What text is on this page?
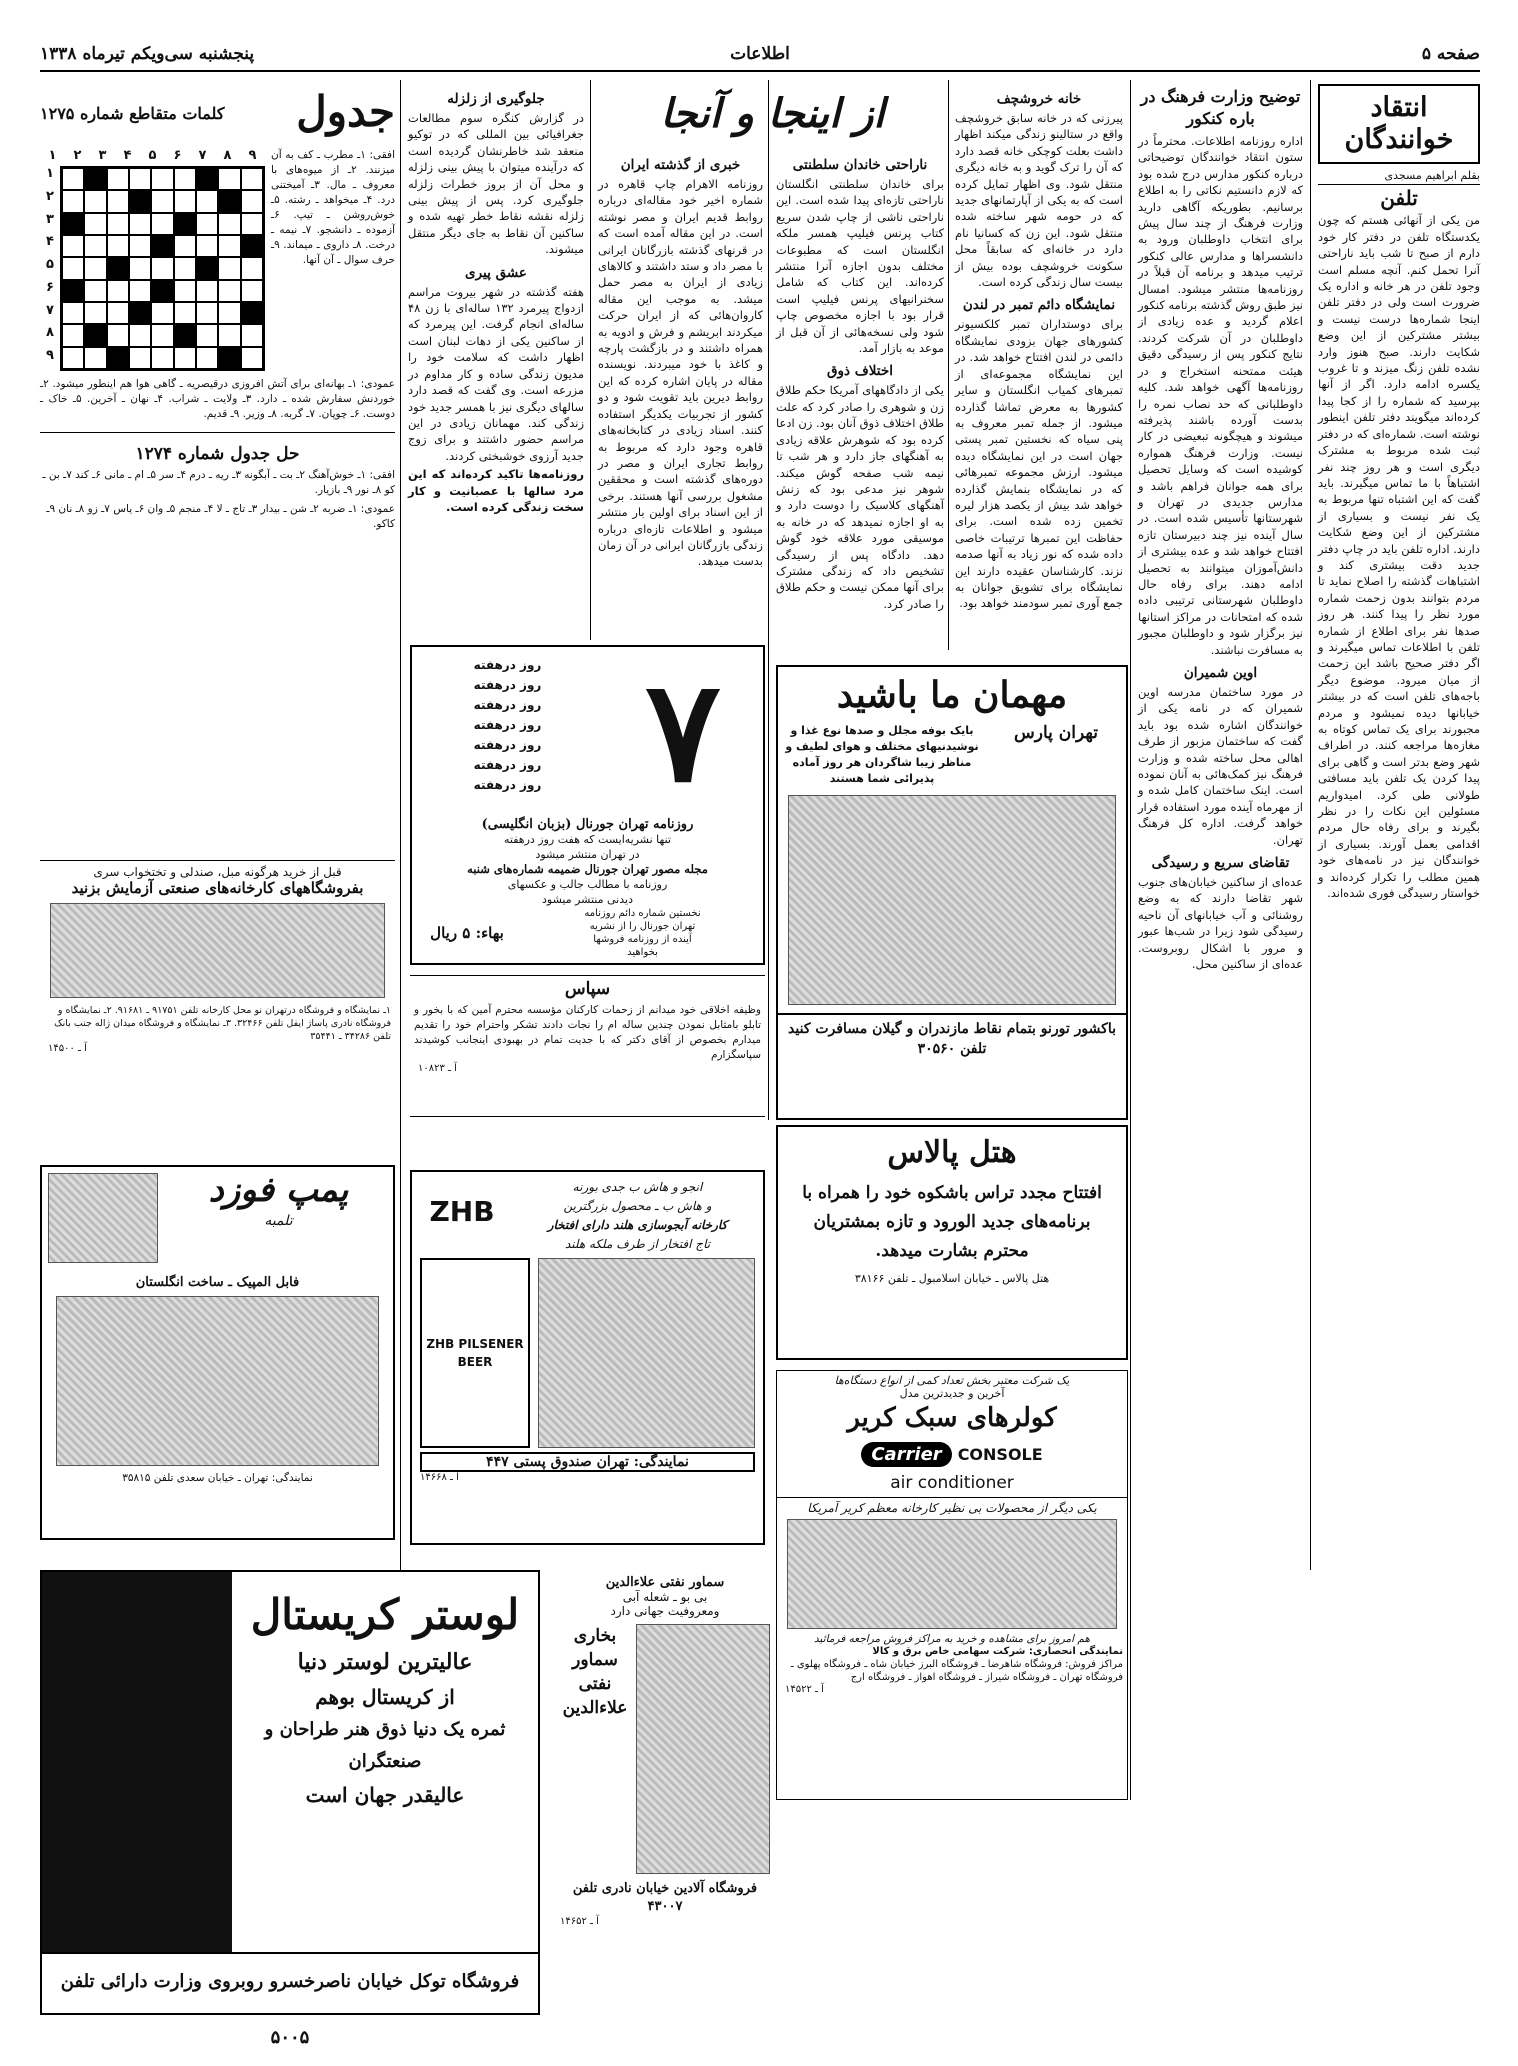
صفحه ۵
اطلاعات
پنجشنبه سی‌ویکم تیرماه ۱۳۳۸
انتقاد خوانندگان
بقلم ابراهیم مسجدی
تلفن

من یکی از آنهائی هستم که چون یکدستگاه تلفن در دفتر کار خود دارم از صبح تا شب باید ناراحتی آنرا تحمل کنم. آنچه مسلم است وجود تلفن در هر خانه و اداره یک ضرورت است ولی در دفتر تلفن اینجا شماره‌ها درست نیست و بیشتر مشترکین از این وضع شکایت دارند. صبح هنوز وارد نشده تلفن زنگ میزند و تا غروب یکسره ادامه دارد. اگر از آنها بپرسید که شماره را از کجا پیدا کرده‌اند میگویند دفتر تلفن اینطور نوشته است. شماره‌ای که در دفتر ثبت شده مربوط به مشترک دیگری است و هر روز چند نفر اشتباهاً با ما تماس میگیرند. باید گفت که این اشتباه تنها مربوط به یک نفر نیست و بسیاری از مشترکین از این وضع شکایت دارند. اداره تلفن باید در چاپ دفتر جدید دقت بیشتری کند و اشتباهات گذشته را اصلاح نماید تا مردم بتوانند بدون زحمت شماره مورد نظر را پیدا کنند. هر روز صدها نفر برای اطلاع از شماره تلفن با اطلاعات تماس میگیرند و اگر دفتر صحیح باشد این زحمت از میان میرود. موضوع دیگر باجه‌های تلفن است که در بیشتر خیابانها دیده نمیشود و مردم مجبورند برای یک تماس کوتاه به مغازه‌ها مراجعه کنند. در اطراف شهر وضع بدتر است و گاهی برای پیدا کردن یک تلفن باید مسافتی طولانی طی کرد. امیدواریم مسئولین این نکات را در نظر بگیرند و برای رفاه حال مردم اقدامی بعمل آورند. بسیاری از خوانندگان نیز در نامه‌های خود همین مطلب را تکرار کرده‌اند و خواستار رسیدگی فوری شده‌اند.

توضیح وزارت فرهنگ در باره کنکور

اداره روزنامه اطلاعات. محترماً در ستون انتقاد خوانندگان توضیحاتی درباره کنکور مدارس درج شده بود که لازم دانستیم نکاتی را به اطلاع برسانیم. بطوریکه آگاهی دارید وزارت فرهنگ از چند سال پیش برای انتخاب داوطلبان ورود به دانشسراها و مدارس عالی کنکور ترتیب میدهد و برنامه آن قبلاً در روزنامه‌ها منتشر میشود. امسال نیز طبق روش گذشته برنامه کنکور اعلام گردید و عده زیادی از داوطلبان در آن شرکت کردند. نتایج کنکور پس از رسیدگی دقیق هیئت ممتحنه استخراج و در روزنامه‌ها آگهی خواهد شد. کلیه داوطلبانی که حد نصاب نمره را بدست آورده باشند پذیرفته میشوند و هیچگونه تبعیضی در کار نیست. وزارت فرهنگ همواره کوشیده است که وسایل تحصیل برای همه جوانان فراهم باشد و مدارس جدیدی در تهران و شهرستانها تأسیس شده است. در سال آینده نیز چند دبیرستان تازه افتتاح خواهد شد و عده بیشتری از دانش‌آموزان میتوانند به تحصیل ادامه دهند. برای رفاه حال داوطلبان شهرستانی ترتیبی داده شده که امتحانات در مراکز استانها نیز برگزار شود و داوطلبان مجبور به مسافرت نباشند.

اوین شمیران

در مورد ساختمان مدرسه اوین شمیران که در نامه یکی از خوانندگان اشاره شده بود باید گفت که ساختمان مزبور از طرف اهالی محل ساخته شده و وزارت فرهنگ نیز کمک‌هائی به آنان نموده است. اینک ساختمان کامل شده و از مهرماه آینده مورد استفاده قرار خواهد گرفت. اداره کل فرهنگ تهران.

تقاضای سریع و رسیدگی

عده‌ای از ساکنین خیابان‌های جنوب شهر تقاضا دارند که به وضع روشنائی و آب خیابانهای آن ناحیه رسیدگی شود زیرا در شب‌ها عبور و مرور با اشکال روبروست. عده‌ای از ساکنین محل.

خانه خروشچف

پیرزنی که در خانه سابق خروشچف واقع در ستالینو زندگی میکند اظهار داشت بعلت کوچکی خانه قصد دارد که آن را ترک گوید و به خانه دیگری منتقل شود. وی اظهار تمایل کرده است که به یکی از آپارتمانهای جدید که در حومه شهر ساخته شده منتقل شود. این زن که کسانیا نام دارد در خانه‌ای که سابقاً محل سکونت خروشچف بوده بیش از بیست سال زندگی کرده است.

نمایشگاه دائم تمبر در لندن

برای دوستداران تمبر کلکسیونر کشورهای جهان بزودی نمایشگاه دائمی در لندن افتتاح خواهد شد. در این نمایشگاه مجموعه‌ای از تمبرهای کمیاب انگلستان و سایر کشورها به معرض تماشا گذارده میشود. از جمله تمبر معروف به پنی سیاه که نخستین تمبر پستی جهان است در این نمایشگاه دیده میشود. ارزش مجموعه تمبرهائی که در نمایشگاه بنمایش گذارده خواهد شد بیش از یکصد هزار لیره تخمین زده شده است. برای حفاظت این تمبرها ترتیبات خاصی داده شده که نور زیاد به آنها صدمه نزند. کارشناسان عقیده دارند این نمایشگاه برای تشویق جوانان به جمع آوری تمبر سودمند خواهد بود.

از اینجا و آنجا
ناراحتی خاندان سلطنتی

برای خاندان سلطنتی انگلستان ناراحتی تازه‌ای پیدا شده است. این ناراحتی ناشی از چاپ شدن سریع کتاب پرنس فیلیپ همسر ملکه انگلستان است که مطبوعات مختلف بدون اجازه آنرا منتشر کرده‌اند. این کتاب که شامل سخنرانیهای پرنس فیلیپ است قرار بود با اجازه مخصوص چاپ شود ولی نسخه‌هائی از آن قبل از موعد به بازار آمد.

اختلاف ذوق

یکی از دادگاههای آمریکا حکم طلاق زن و شوهری را صادر کرد که علت طلاق اختلاف ذوق آنان بود. زن ادعا کرده بود که شوهرش علاقه زیادی به آهنگهای جاز دارد و هر شب تا نیمه شب صفحه گوش میکند. شوهر نیز مدعی بود که زنش آهنگهای کلاسیک را دوست دارد و به او اجازه نمیدهد که در خانه به موسیقی مورد علاقه خود گوش دهد. دادگاه پس از رسیدگی تشخیص داد که زندگی مشترک برای آنها ممکن نیست و حکم طلاق را صادر کرد.

خبری از گذشته ایران

روزنامه الاهرام چاپ قاهره در شماره اخیر خود مقاله‌ای درباره روابط قدیم ایران و مصر نوشته است. در این مقاله آمده است که در قرنهای گذشته بازرگانان ایرانی با مصر داد و ستد داشتند و کالاهای زیادی از ایران به مصر حمل میشد. به موجب این مقاله کاروان‌هائی که از ایران حرکت میکردند ابریشم و فرش و ادویه به همراه داشتند و در بازگشت پارچه و کاغذ با خود میبردند. نویسنده مقاله در پایان اشاره کرده که این روابط دیرین باید تقویت شود و دو کشور از تجربیات یکدیگر استفاده کنند. اسناد زیادی در کتابخانه‌های قاهره وجود دارد که مربوط به روابط تجاری ایران و مصر در دوره‌های گذشته است و محققین مشغول بررسی آنها هستند. برخی از این اسناد برای اولین بار منتشر میشود و اطلاعات تازه‌ای درباره زندگی بازرگانان ایرانی در آن زمان بدست میدهد.

جلوگیری از زلزله

در گزارش کنگره سوم مطالعات جغرافیائی بین المللی که در توکیو منعقد شد خاطرنشان گردیده است که درآینده میتوان با پیش بینی زلزله و محل آن از بروز خطرات زلزله جلوگیری کرد. پس از پیش بینی زلزله نقشه نقاط خطر تهیه شده و ساکنین آن نقاط به جای دیگر منتقل میشوند.

عشق پیری

هفته گذشته در شهر بیروت مراسم ازدواج پیرمرد ۱۳۲ ساله‌ای با زن ۴۸ ساله‌ای انجام گرفت. این پیرمرد که از ساکنین یکی از دهات لبنان است اظهار داشت که سلامت خود را مدیون زندگی ساده و کار مداوم در مزرعه است. وی گفت که قصد دارد سالهای دیگری نیز با همسر جدید خود زندگی کند. مهمانان زیادی در این مراسم حضور داشتند و برای زوج جدید آرزوی خوشبختی کردند.

روزنامه‌ها تاکید کرده‌اند که این مرد سالها با عصبانیت و کار سخت زندگی کرده است.

جدول
کلمات متقاطع شماره ۱۲۷۵
افقی: ۱ـ مطرب ـ کف به آن میزنند. ۲ـ از میوه‌های با معروف ـ مال. ۳ـ آمیختنی درد. ۴ـ میخواهد ـ رشته. ۵ـ خوش‌روشن ـ تیپ. ۶ـ آزموده ـ دانشجو. ۷ـ نیمه ـ درخت. ۸ـ داروی ـ میماند. ۹ـ حرف سوال ـ آن آنها.
۹
۸
۷
۶
۵
۴
۳
۲
۱
۱
۲
۳
۴
۵
۶
۷
۸
۹
عمودی: ۱ـ بهانه‌ای برای آتش افروزی درقیصریه ـ گاهی هوا هم اینطور میشود. ۲ـ خوردنش سفارش شده ـ دارد. ۳ـ ولایت ـ شراب. ۴ـ نهان ـ آخرین. ۵ـ خاک ـ دوست. ۶ـ چوپان. ۷ـ گربه. ۸ـ وزیر. ۹ـ قدیم.
حل جدول شماره ۱۲۷۴
افقی: ۱ـ خوش‌آهنگ ۲ـ بت ـ آبگونه ۳ـ ریه ـ درم ۴ـ سر ۵ـ ام ـ مانی ۶ـ کند ۷ـ بن ـ کو ۸ـ نور ۹ـ بازیار.
عمودی: ۱ـ ضربه ۲ـ شن ـ بیدار ۳ـ تاج ـ لا ۴ـ منجم ۵ـ وان ۶ـ یاس ۷ـ زو ۸ـ نان ۹ـ کاکو.
قبل از خرید هرگونه مبل، صندلی و تختخواب سری
بفروشگاههای کارخانه‌های صنعتی آزمایش بزنید
۱ـ نمایشگاه و فروشگاه درتهران نو محل کارخانه تلفن ۹۱۷۵۱ ـ ۹۱۶۸۱. ۲ـ نمایشگاه و فروشگاه نادری پاساژ ایفل تلفن ۳۲۴۶۶. ۳ـ نمایشگاه و فروشگاه میدان ژاله جنب بانک تلفن ۳۴۲۸۶ ـ ۳۵۴۴۱
آ ـ ۱۴۵۰۰
۷
روز درهفته
روز درهفته
روز درهفته
روز درهفته
روز درهفته
روز درهفته
روز درهفته
روزنامه تهران جورنال (بزبان انگلیسی)
تنها نشریه‌ایست که هفت روز درهفته
در تهران منتشر میشود
مجله مصور تهران جورنال ضمیمه شماره‌های شنبه
روزنامه با مطالب جالب و عکسهای
دیدنی منتشر میشود
نخستین شماره دائم روزنامه
تهران جورنال را از نشریه
آینده از روزنامه فروشها
بخواهید
بهاء: ۵ ریال
سپاس
وظیفه اخلاقی خود میدانم از زحمات کارکنان مؤسسه محترم آمین که با بخور و تابلو بامثابل نمودن چندین ساله ام را نجات دادند تشکر واحترام خود را تقدیم میدارم بخصوص از آقای دکتر که با جدیت تمام در بهبودی اینجانب کوشیدند سپاسگزارم
آ ـ ۱۰۸۲۳
مهمان ما باشید
تهران پارس
بایک بوفه مجلل و صدها نوع غذا و نوشیدنیهای مختلف و هوای لطیف و مناظر زیبا شاگردان هر روز آماده پذیرائی شما هستند
باکشور تورنو بتمام نقاط مازندران و گیلان مسافرت کنید تلفن ۳۰۵۶۰
هتل پالاس
افتتاح مجدد تراس باشکوه خود را همراه با برنامه‌های جدید الورود و تازه بمشتریان محترم بشارت میدهد.
هتل پالاس ـ خیابان اسلامبول ـ تلفن ۳۸۱۶۶
یک شرکت معتبر بخش تعداد کمی از انواع دستگاه‌ها
آخرین و جدیدترین مدل
کولرهای سبک کریر
Carrier	CONSOLE
air conditioner
یکی دیگر از محصولات بی نظیر کارخانه معظم کریر آمریکا
هم امروز برای مشاهده و خرید به مراکز فروش مراجعه فرمائید
نمایندگی انحصاری: شرکت سهامی خاص برق و کالا
مراکز فروش: فروشگاه شاهرضا ـ فروشگاه البرز خیابان شاه ـ فروشگاه پهلوی ـ فروشگاه تهران ـ فروشگاه شیراز ـ فروشگاه اهواز ـ فروشگاه ارج
آ ـ ۱۴۵۲۲
پمپ فوزد
تلمبه
فابل المپیک ـ ساخت انگلستان
نمایندگی: تهران ـ خیابان سعدی تلفن ۳۵۸۱۵
انجو و هاش ب جدی بورنه
و هاش ب ـ محصول بزرگترین
کارخانه آبجوسازی هلند دارای افتخار
تاج افتخار از طرف ملکه هلند
ZHB
ZHB PILSENER BEER
نمایندگی: تهران صندوق پستی ۴۴۷
آ ـ ۱۴۶۶۸
سماور نفتی علاءالدین
بی بو ـ شعله آبی
ومعروفیت جهانی دارد
بخاری سماور نفتی علاءالدین
فروشگاه آلادین خیابان نادری تلفن ۴۳۰۰۷
آ ـ ۱۴۶۵۲
لوستر کریستال
عالیترین لوستر دنیا
از کریستال بوهم
ثمره یک دنیا ذوق هنر طراحان و صنعتگران
عالیقدر جهان است
فروشگاه توکل خیابان ناصرخسرو روبروی وزارت دارائی تلفن ۵۰۰۵
